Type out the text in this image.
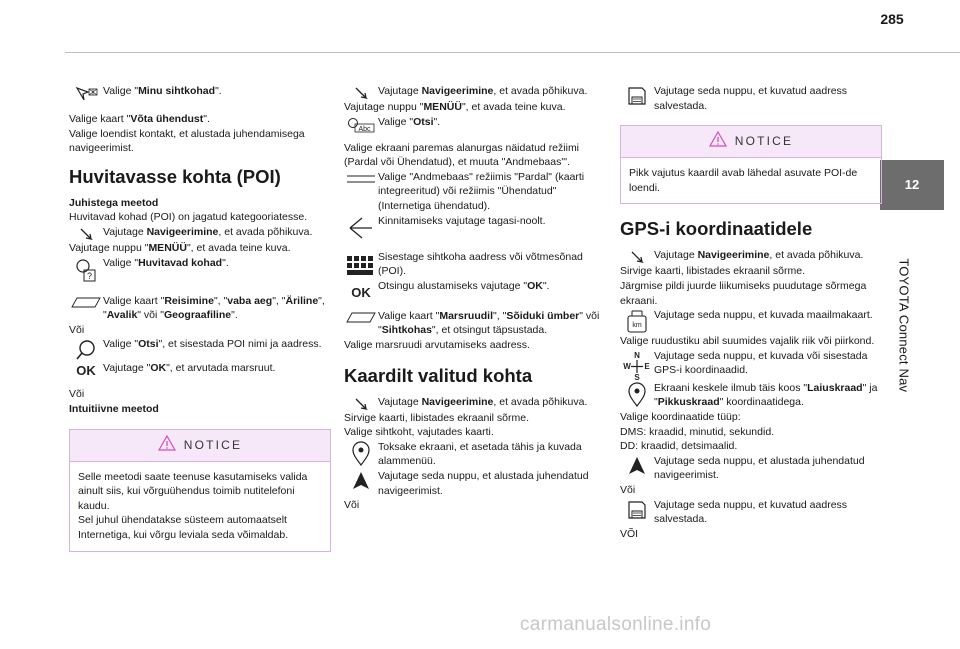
285
12
TOYOTA Connect Nav
Valige "Minu sihtkohad".
Valige kaart "Võta ühendust".
Valige loendist kontakt, et alustada juhendamisega navigeerimist.
Huvitavasse kohta (POI)
Juhistega meetod
Huvitavad kohad (POI) on jagatud kategooriatesse.
Vajutage Navigeerimine, et avada põhikuva.
Vajutage nuppu "MENÜÜ", et avada teine kuva.
?
Valige "Huvitavad kohad".
Valige kaart "Reisimine", "vaba aeg", "Äriline", "Avalik" või "Geograafiline".
Või
Valige "Otsi", et sisestada POI nimi ja aadress.
OK Vajutage "OK", et arvutada marsruut.
Või
Intuitiivne meetod
NOTICE
Selle meetodi saate teenuse kasutamiseks valida ainult siis, kui võrguühendus toimib nutitelefoni kaudu.
Sel juhul ühendatakse süsteem automaatselt Internetiga, kui võrgu leviala seda võimaldab.
Vajutage Navigeerimine, et avada põhikuva.
Vajutage nuppu "MENÜÜ", et avada teine kuva.
Abc
Valige "Otsi".
Valige ekraani paremas alanurgas näidatud režiimi (Pardal või Ühendatud), et muuta "Andmebaas"'.
Valige "Andmebaas" režiimis "Pardal" (kaarti integreeritud) või režiimis "Ühendatud" (Internetiga ühendatud).
Kinnitamiseks vajutage tagasi-noolt.
Sisestage sihtkoha aadress või võtmesõnad (POI).
OK Otsingu alustamiseks vajutage "OK".
Valige kaart "Marsruudil", "Sõiduki ümber" või "Sihtkohas", et otsingut täpsustada.
Valige marsruudi arvutamiseks aadress.
Kaardilt valitud kohta
Vajutage Navigeerimine, et avada põhikuva.
Sirvige kaarti, libistades ekraanil sõrme.
Valige sihtkoht, vajutades kaarti.
Toksake ekraani, et asetada tähis ja kuvada alammenüü.
Vajutage seda nuppu, et alustada juhendatud navigeerimist.
Või
Vajutage seda nuppu, et kuvatud aadress salvestada.
NOTICE
Pikk vajutus kaardil avab lähedal asuvate POI-de loendi.
GPS-i koordinaatidele
Vajutage Navigeerimine, et avada põhikuva.
Sirvige kaarti, libistades ekraanil sõrme.
Järgmise pildi juurde liikumiseks puudutage sõrmega ekraani.
km
Vajutage seda nuppu, et kuvada maailmakaart.
Valige ruudustiku abil suumides vajalik riik või piirkond.
N
W E
S
Vajutage seda nuppu, et kuvada või sisestada GPS-i koordinaadid.
Ekraani keskele ilmub täis koos "Laiuskraad" ja "Pikkuskraad" koordinaatidega.
Valige koordinaatide tüüp:
DMS: kraadid, minutid, sekundid.
DD: kraadid, detsimaalid.
Vajutage seda nuppu, et alustada juhendatud navigeerimist.
Või
Vajutage seda nuppu, et kuvatud aadress salvestada.
VÕI
carmanualsonline.info
